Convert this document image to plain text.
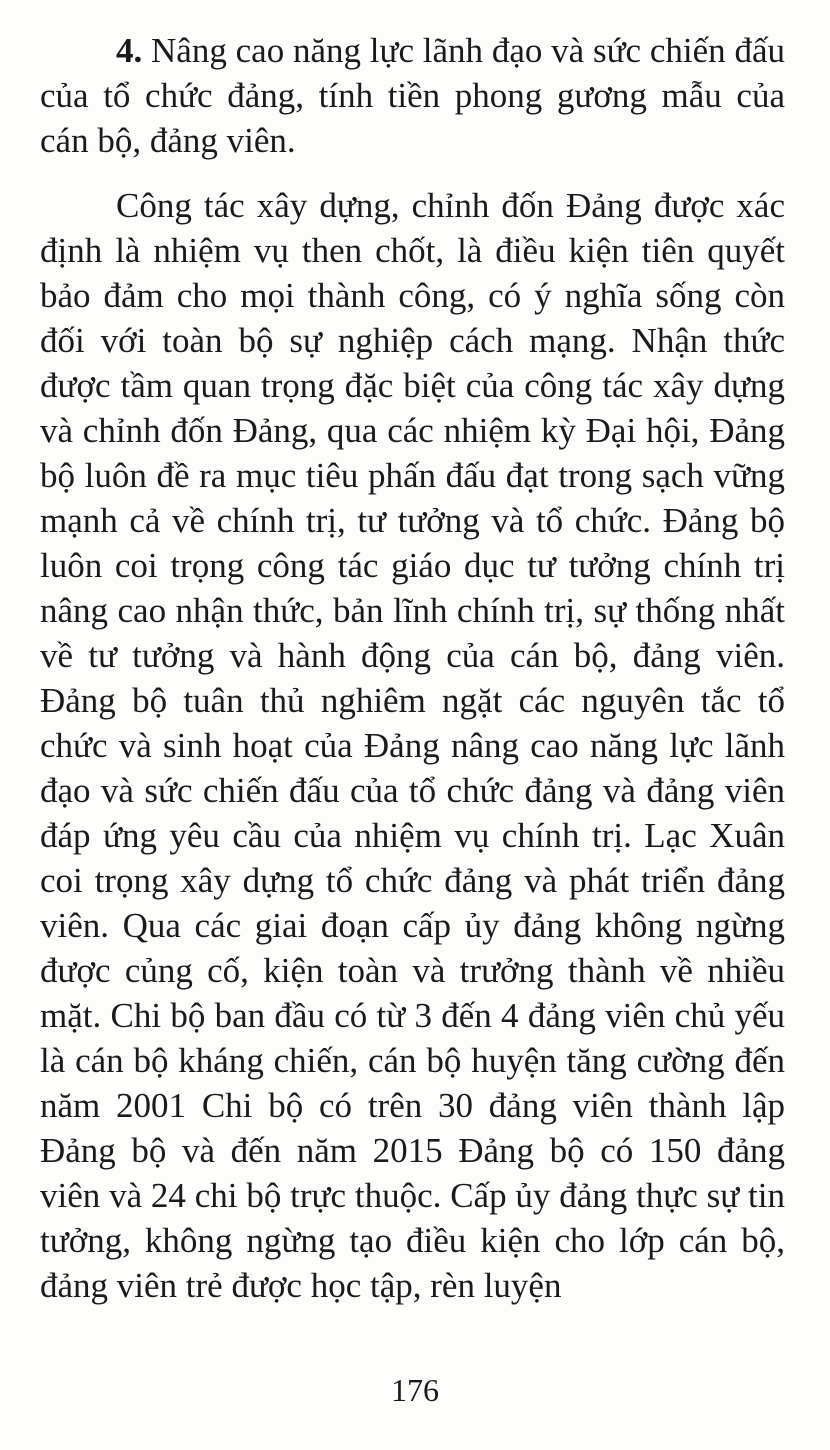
4. Nâng cao năng lực lãnh đạo và sức chiến đấu của tổ chức đảng, tính tiền phong gương mẫu của cán bộ, đảng viên.

Công tác xây dựng, chỉnh đốn Đảng được xác định là nhiệm vụ then chốt, là điều kiện tiên quyết bảo đảm cho mọi thành công, có ý nghĩa sống còn đối với toàn bộ sự nghiệp cách mạng. Nhận thức được tầm quan trọng đặc biệt của công tác xây dựng và chỉnh đốn Đảng, qua các nhiệm kỳ Đại hội, Đảng bộ luôn đề ra mục tiêu phấn đấu đạt trong sạch vững mạnh cả về chính trị, tư tưởng và tổ chức. Đảng bộ luôn coi trọng công tác giáo dục tư tưởng chính trị nâng cao nhận thức, bản lĩnh chính trị, sự thống nhất về tư tưởng và hành động của cán bộ, đảng viên. Đảng bộ tuân thủ nghiêm ngặt các nguyên tắc tổ chức và sinh hoạt của Đảng nâng cao năng lực lãnh đạo và sức chiến đấu của tổ chức đảng và đảng viên đáp ứng yêu cầu của nhiệm vụ chính trị. Lạc Xuân coi trọng xây dựng tổ chức đảng và phát triển đảng viên. Qua các giai đoạn cấp ủy đảng không ngừng được củng cố, kiện toàn và trưởng thành về nhiều mặt. Chi bộ ban đầu có từ 3 đến 4 đảng viên chủ yếu là cán bộ kháng chiến, cán bộ huyện tăng cường đến năm 2001 Chi bộ có trên 30 đảng viên thành lập Đảng bộ và đến năm 2015 Đảng bộ có 150 đảng viên và 24 chi bộ trực thuộc. Cấp ủy đảng thực sự tin tưởng, không ngừng tạo điều kiện cho lớp cán bộ, đảng viên trẻ được học tập, rèn luyện

176
